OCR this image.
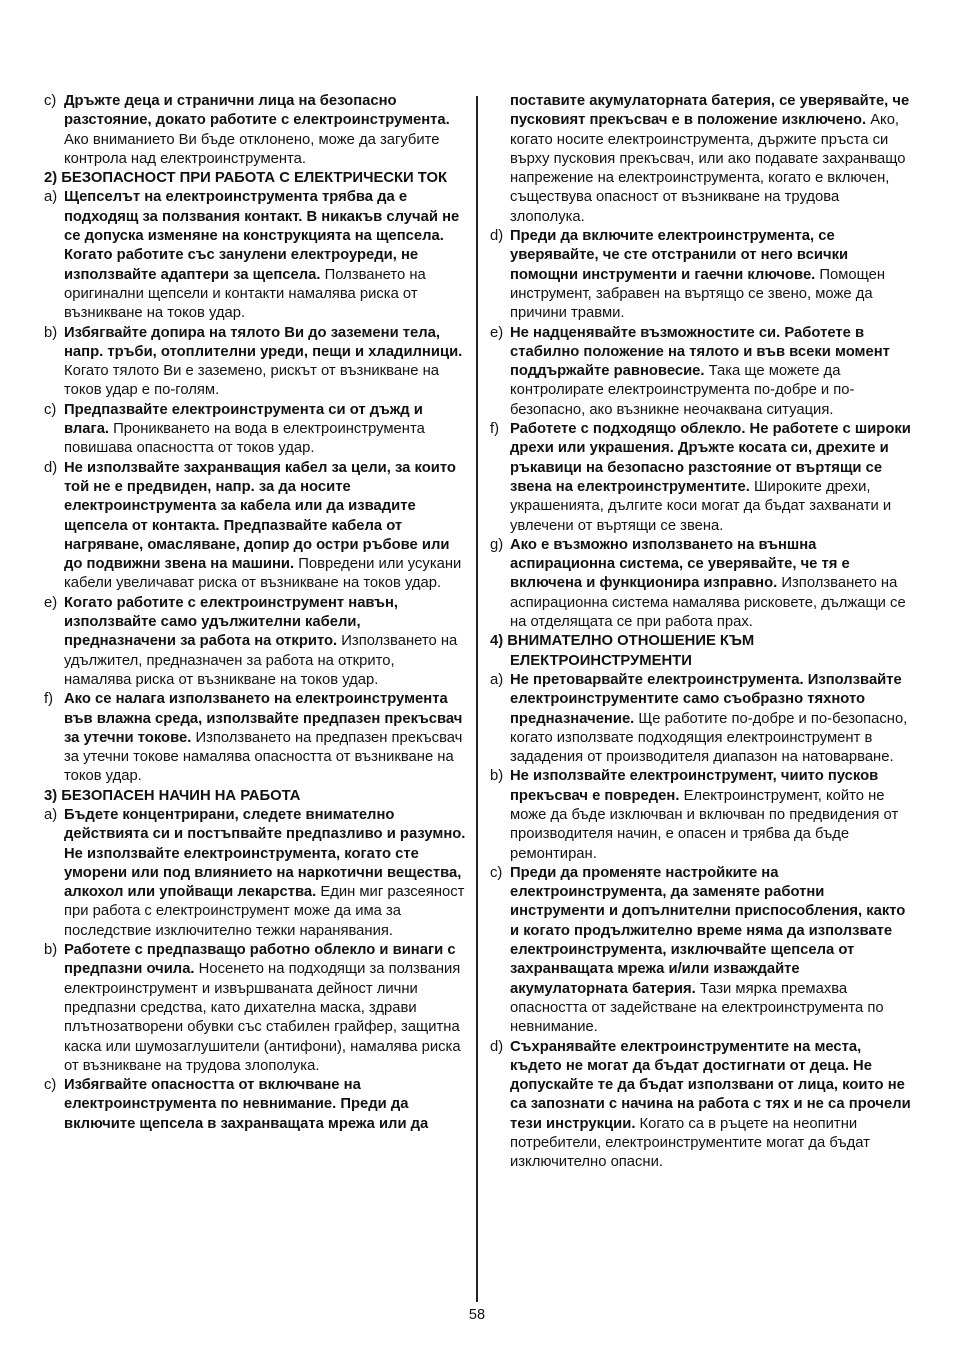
c) Дръжте деца и странични лица на безопасно разстояние, докато работите с електроинструмента. Ако вниманието Ви бъде отклонено, може да загубите контрола над електроинструмента.

2) БЕЗОПАСНОСТ ПРИ РАБОТА С ЕЛЕКТРИЧЕСКИ ТОК

a) Щепселът на електроинструмента трябва да е подходящ за ползвания контакт. В никакъв случай не се допуска изменяне на конструкцията на щепсела. Когато работите със занулени електроуреди, не използвайте адаптери за щепсела. Ползването на оригинални щепсели и контакти намалява риска от възникване на токов удар.

b) Избягвайте допира на тялото Ви до заземени тела, напр. тръби, отоплителни уреди, пещи и хладилници. Когато тялото Ви е заземено, рискът от възникване на токов удар е по-голям.

c) Предпазвайте електроинструмента си от дъжд и влага. Проникването на вода в електроинструмента повишава опасността от токов удар.

d) Не използвайте захранващия кабел за цели, за които той не е предвиден, напр. за да носите електроинструмента за кабела или да извадите щепсела от контакта. Предпазвайте кабела от нагряване, омасляване, допир до остри ръбове или до подвижни звена на машини. Повредени или усукани кабели увеличават риска от възникване на токов удар.

e) Когато работите с електроинструмент навън, използвайте само удължителни кабели, предназначени за работа на открито. Използването на удължител, предназначен за работа на открито, намалява риска от възникване на токов удар.

f) Ако се налага използването на електроинструмента във влажна среда, използвайте предпазен прекъсвач за утечни токове. Използването на предпазен прекъсвач за утечни токове намалява опасността от възникване на токов удар.

3) БЕЗОПАСЕН НАЧИН НА РАБОТА

a) Бъдете концентрирани, следете внимателно действията си и постъпвайте предпазливо и разумно. Не използвайте електроинструмента, когато сте уморени или под влиянието на наркотични вещества, алкохол или упойващи лекарства. Един миг разсеяност при работа с електроинструмент може да има за последствие изключително тежки наранявания.

b) Работете с предпазващо работно облекло и винаги с предпазни очила. Носенето на подходящи за ползвания електроинструмент и извършваната дейност лични предпазни средства, като дихателна маска, здрави плътнозатворени обувки със стабилен грайфер, защитна каска или шумозаглушители (антифони), намалява риска от възникване на трудова злополука.

c) Избягвайте опасността от включване на електроинструмента по невнимание. Преди да включите щепсела в захранващата мрежа или да

поставите акумулаторната батерия, се уверявайте, че пусковият прекъсвач е в положение изключено. Ако, когато носите електроинструмента, държите пръста си върху пусковия прекъсвач, или ако подавате захранващо напрежение на електроинструмента, когато е включен, съществува опасност от възникване на трудова злополука.

d) Преди да включите електроинструмента, се уверявайте, че сте отстранили от него всички помощни инструменти и гаечни ключове. Помощен инструмент, забравен на въртящо се звено, може да причини травми.

e) Не надценявайте възможностите си. Работете в стабилно положение на тялото и във всеки момент поддържайте равновесие. Така ще можете да контролирате електроинструмента по-добре и по-безопасно, ако възникне неочаквана ситуация.

f) Работете с подходящо облекло. Не работете с широки дрехи или украшения. Дръжте косата си, дрехите и ръкавици на безопасно разстояние от въртящи се звена на електроинструментите. Широките дрехи, украшенията, дългите коси могат да бъдат захванати и увлечени от въртящи се звена.

g) Ако е възможно използването на външна аспирационна система, се уверявайте, че тя е включена и функционира изправно. Използването на аспирационна система намалява рисковете, дължащи се на отделящата се при работа прах.

4) ВНИМАТЕЛНО ОТНОШЕНИЕ КЪМ ЕЛЕКТРОИНСТРУМЕНТИ

a) Не претоварвайте електроинструмента. Използвайте електроинструментите само съобразно тяхното предназначение. Ще работите по-добре и по-безопасно, когато използвате подходящия електроинструмент в зададения от производителя диапазон на натоварване.

b) Не използвайте електроинструмент, чиито пусков прекъсвач е повреден. Електроинструмент, който не може да бъде изключван и включван по предвидения от производителя начин, е опасен и трябва да бъде ремонтиран.

c) Преди да променяте настройките на електроинструмента, да заменяте работни инструменти и допълнителни приспособления, както и когато продължително време няма да използвате електроинструмента, изключвайте щепсела от захранващата мрежа и/или изваждайте акумулаторната батерия. Тази мярка премахва опасността от задействане на електроинструмента по невнимание.

d) Съхранявайте електроинструментите на места, където не могат да бъдат достигнати от деца. Не допускайте те да бъдат използвани от лица, които не са запознати с начина на работа с тях и не са прочели тези инструкции. Когато са в ръцете на неопитни потребители, електроинструментите могат да бъдат изключително опасни.

58
